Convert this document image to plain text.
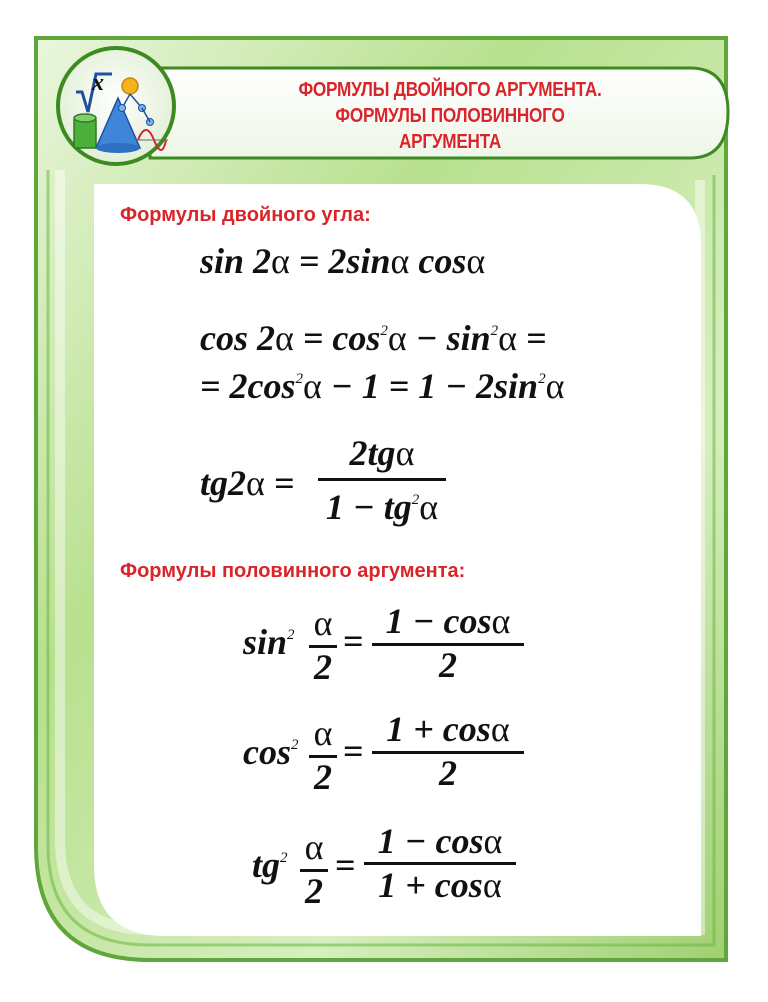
x	ФОРМУЛЫ ДВОЙНОГО АРГУМЕНТА.
ФОРМУЛЫ ПОЛОВИННОГО
АРГУМЕНТА
Формулы двойного угла:
sin 2α = 2sinα cosα
$\cos 2\alpha = \cos^2\alpha - \sin^2\alpha$ =
= $2\cos^2\alpha - 1 = 1 - 2\sin^2\alpha$
tg2α =
2tgα
$1 - tg^2\alpha$
Формулы половинного аргумента:
$\sin^2 \alpha$
2
= 1 − cosα
2
$\cos^2 \alpha$
2
=
1 + cosα
2
$tg^2$ α
2
=
1 − cosα
1 + cosα
